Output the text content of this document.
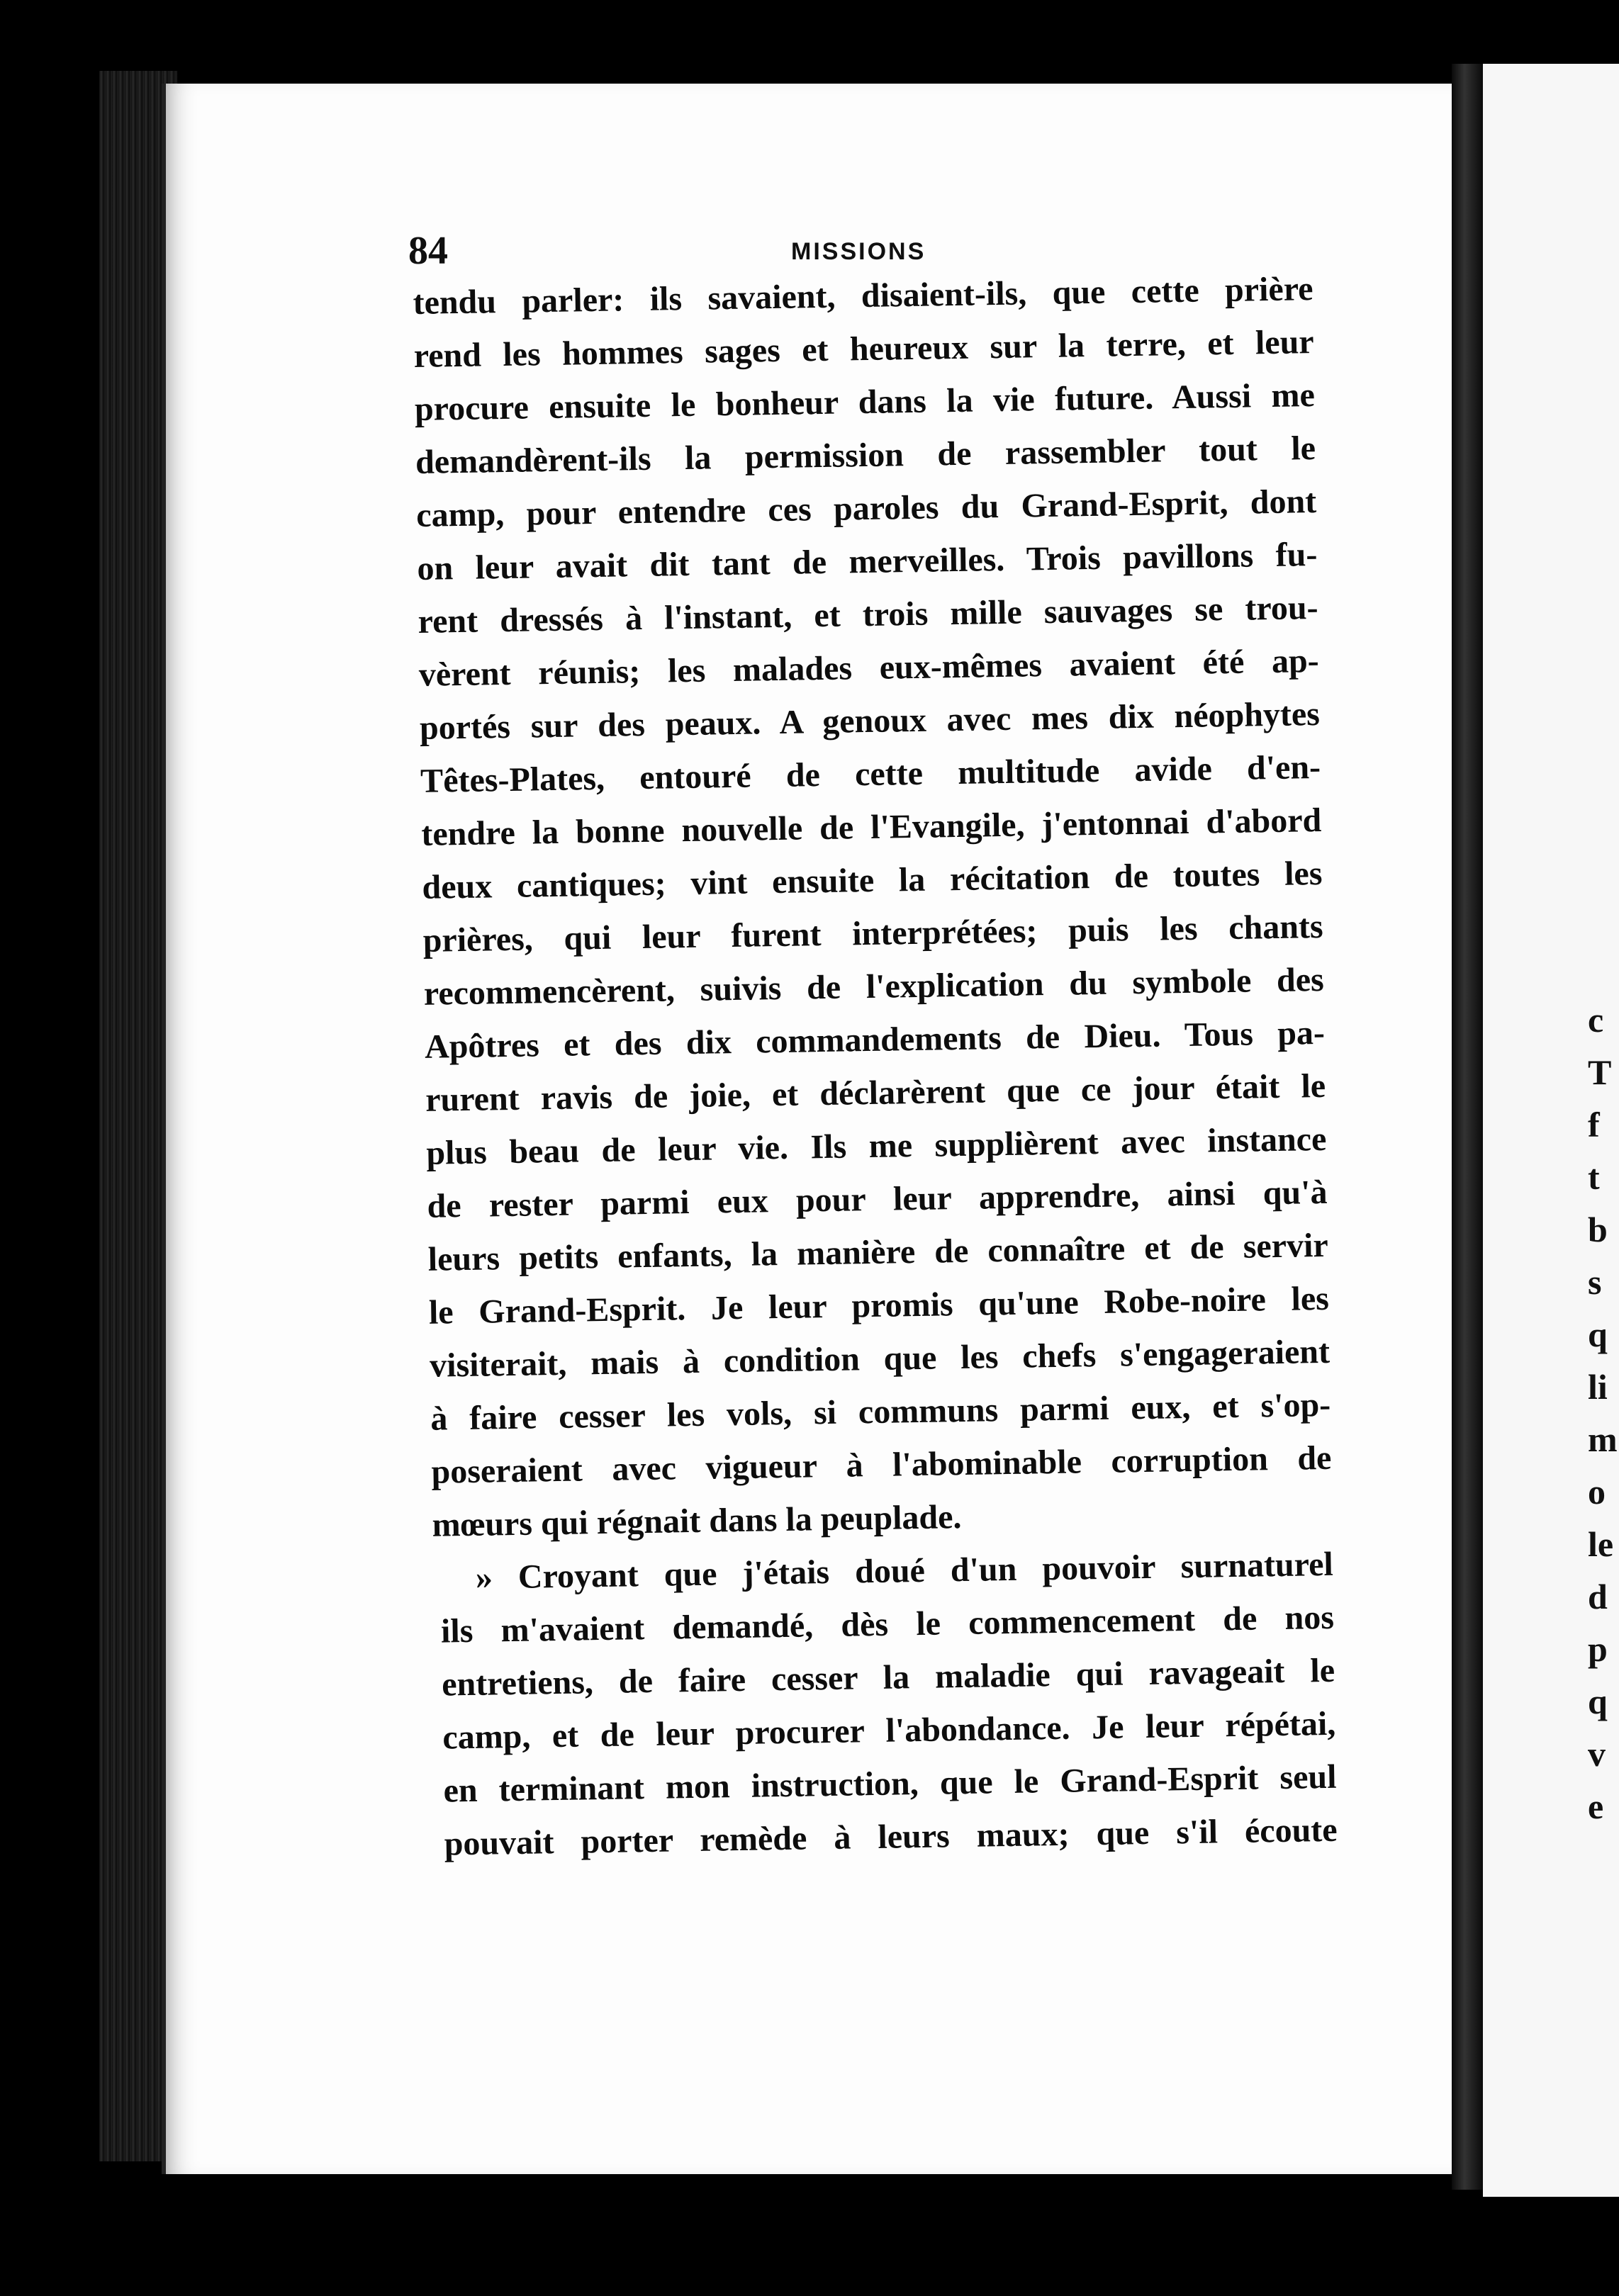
c
T
f
t
b
s
q
li
m
o
le
d
p
q
v
e
84	MISSIONS
tendu parler: ils savaient, disaient-ils, que cette prière
rend les hommes sages et heureux sur la terre, et leur
procure ensuite le bonheur dans la vie future. Aussi me
demandèrent-ils la permission de rassembler tout le
camp, pour entendre ces paroles du Grand-Esprit, dont
on leur avait dit tant de merveilles. Trois pavillons fu-
rent dressés à l'instant, et trois mille sauvages se trou-
vèrent réunis; les malades eux-mêmes avaient été ap-
portés sur des peaux. A genoux avec mes dix néophytes
Têtes-Plates, entouré de cette multitude avide d'en-
tendre la bonne nouvelle de l'Evangile, j'entonnai d'abord
deux cantiques; vint ensuite la récitation de toutes les
prières, qui leur furent interprétées; puis les chants
recommencèrent, suivis de l'explication du symbole des
Apôtres et des dix commandements de Dieu. Tous pa-
rurent ravis de joie, et déclarèrent que ce jour était le
plus beau de leur vie. Ils me supplièrent avec instance
de rester parmi eux pour leur apprendre, ainsi qu'à
leurs petits enfants, la manière de connaître et de servir
le Grand-Esprit. Je leur promis qu'une Robe-noire les
visiterait, mais à condition que les chefs s'engageraient
à faire cesser les vols, si communs parmi eux, et s'op-
poseraient avec vigueur à l'abominable corruption de
mœurs qui régnait dans la peuplade.
» Croyant que j'étais doué d'un pouvoir surnaturel
ils m'avaient demandé, dès le commencement de nos
entretiens, de faire cesser la maladie qui ravageait le
camp, et de leur procurer l'abondance. Je leur répétai,
en terminant mon instruction, que le Grand-Esprit seul
pouvait porter remède à leurs maux; que s'il écoute
